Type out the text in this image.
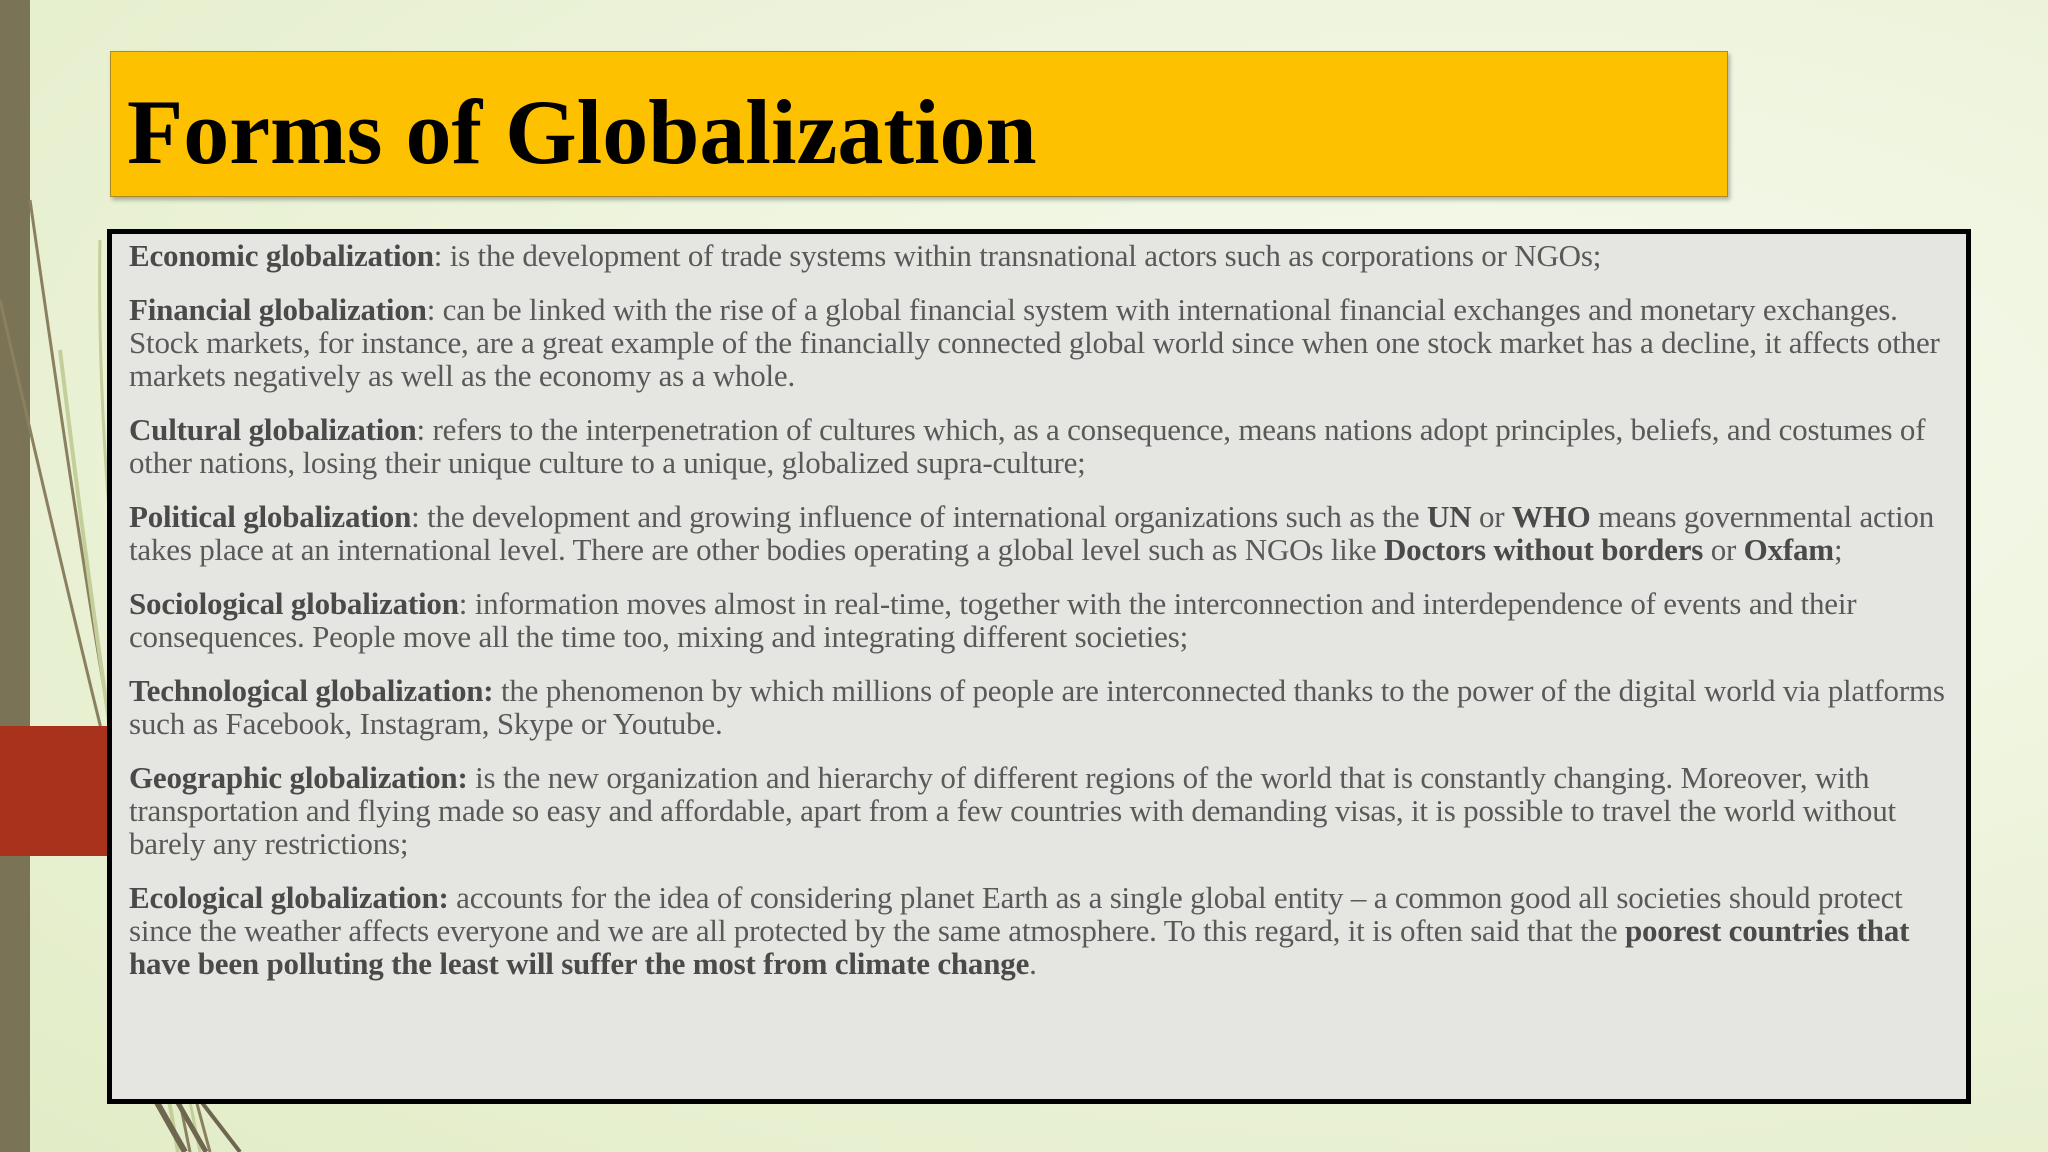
Forms of Globalization

Economic globalization: is the development of trade systems within transnational actors such as corporations or NGOs;

Financial globalization: can be linked with the rise of a global financial system with international financial exchanges and monetary exchanges. Stock markets, for instance, are a great example of the financially connected global world since when one stock market has a decline, it affects other markets negatively as well as the economy as a whole.

Cultural globalization: refers to the interpenetration of cultures which, as a consequence, means nations adopt principles, beliefs, and costumes of other nations, losing their unique culture to a unique, globalized supra-culture;

Political globalization: the development and growing influence of international organizations such as the UN or WHO means governmental action takes place at an international level. There are other bodies operating a global level such as NGOs like Doctors without borders or Oxfam;

Sociological globalization: information moves almost in real-time, together with the interconnection and interdependence of events and their consequences. People move all the time too, mixing and integrating different societies;

Technological globalization: the phenomenon by which millions of people are interconnected thanks to the power of the digital world via platforms such as Facebook, Instagram, Skype or Youtube.

Geographic globalization: is the new organization and hierarchy of different regions of the world that is constantly changing. Moreover, with transportation and flying made so easy and affordable, apart from a few countries with demanding visas, it is possible to travel the world without barely any restrictions;

Ecological globalization: accounts for the idea of considering planet Earth as a single global entity – a common good all societies should protect since the weather affects everyone and we are all protected by the same atmosphere. To this regard, it is often said that the poorest countries that have been polluting the least will suffer the most from climate change.
